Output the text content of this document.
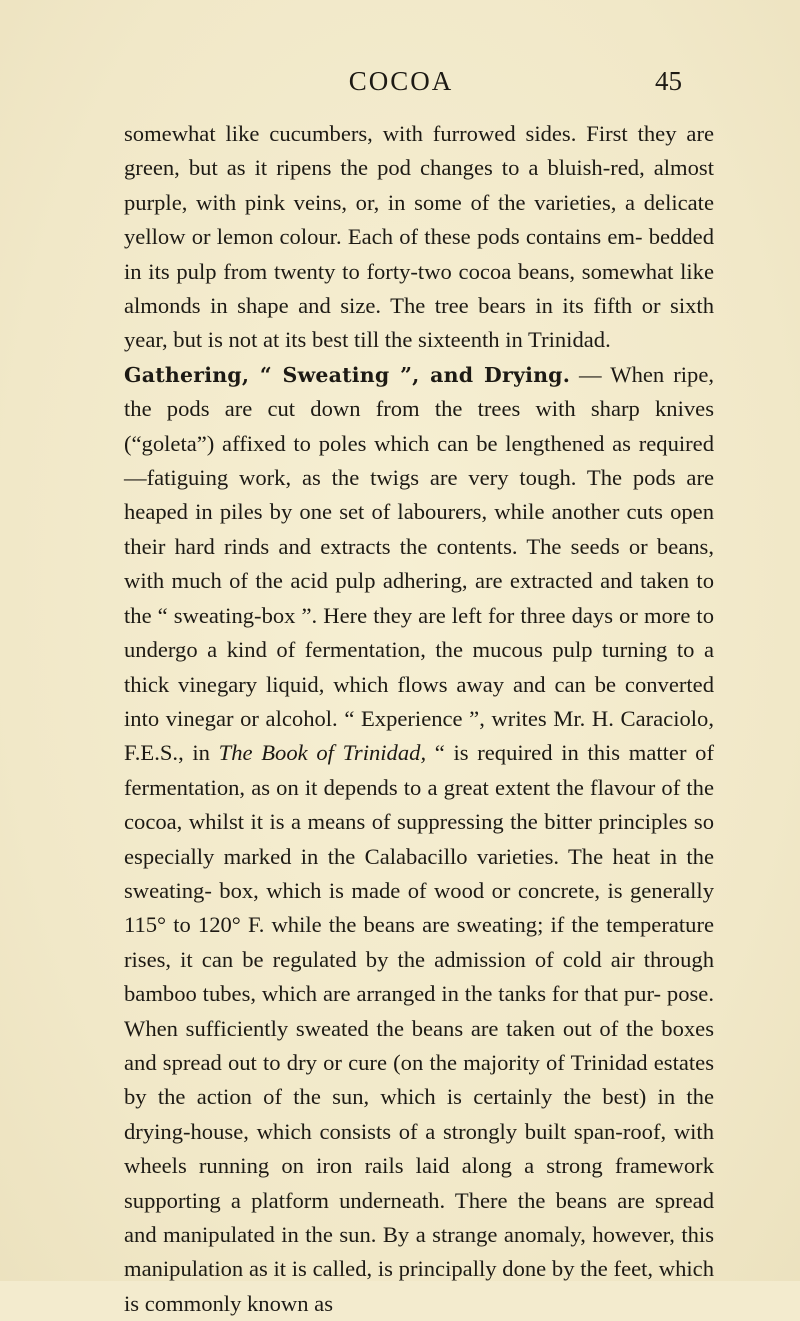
COCOA	45

somewhat like cucumbers, with furrowed sides. First they are green, but as it ripens the pod changes to a bluish-red, almost purple, with pink veins, or, in some of the varieties, a delicate yellow or lemon colour. Each of these pods contains em- bedded in its pulp from twenty to forty-two cocoa beans, somewhat like almonds in shape and size. The tree bears in its fifth or sixth year, but is not at its best till the sixteenth in Trinidad.

Gathering, “ Sweating ”, and Drying. — When ripe, the pods are cut down from the trees with sharp knives (“goleta”) affixed to poles which can be lengthened as required—fatiguing work, as the twigs are very tough. The pods are heaped in piles by one set of labourers, while another cuts open their hard rinds and extracts the contents. The seeds or beans, with much of the acid pulp adhering, are extracted and taken to the “ sweating-box ”. Here they are left for three days or more to undergo a kind of fermentation, the mucous pulp turning to a thick vinegary liquid, which flows away and can be converted into vinegar or alcohol. “ Experience ”, writes Mr. H. Caraciolo, F.E.S., in The Book of Trinidad, “ is required in this matter of fermentation, as on it depends to a great extent the flavour of the cocoa, whilst it is a means of suppressing the bitter principles so especially marked in the Calabacillo varieties. The heat in the sweating- box, which is made of wood or concrete, is generally 115° to 120° F. while the beans are sweating; if the temperature rises, it can be regulated by the admission of cold air through bamboo tubes, which are arranged in the tanks for that pur- pose. When sufficiently sweated the beans are taken out of the boxes and spread out to dry or cure (on the majority of Trinidad estates by the action of the sun, which is certainly the best) in the drying-house, which consists of a strongly built span-roof, with wheels running on iron rails laid along a strong framework supporting a platform underneath. There the beans are spread and manipulated in the sun. By a strange anomaly, however, this manipulation as it is called, is principally done by the feet, which is commonly known as
